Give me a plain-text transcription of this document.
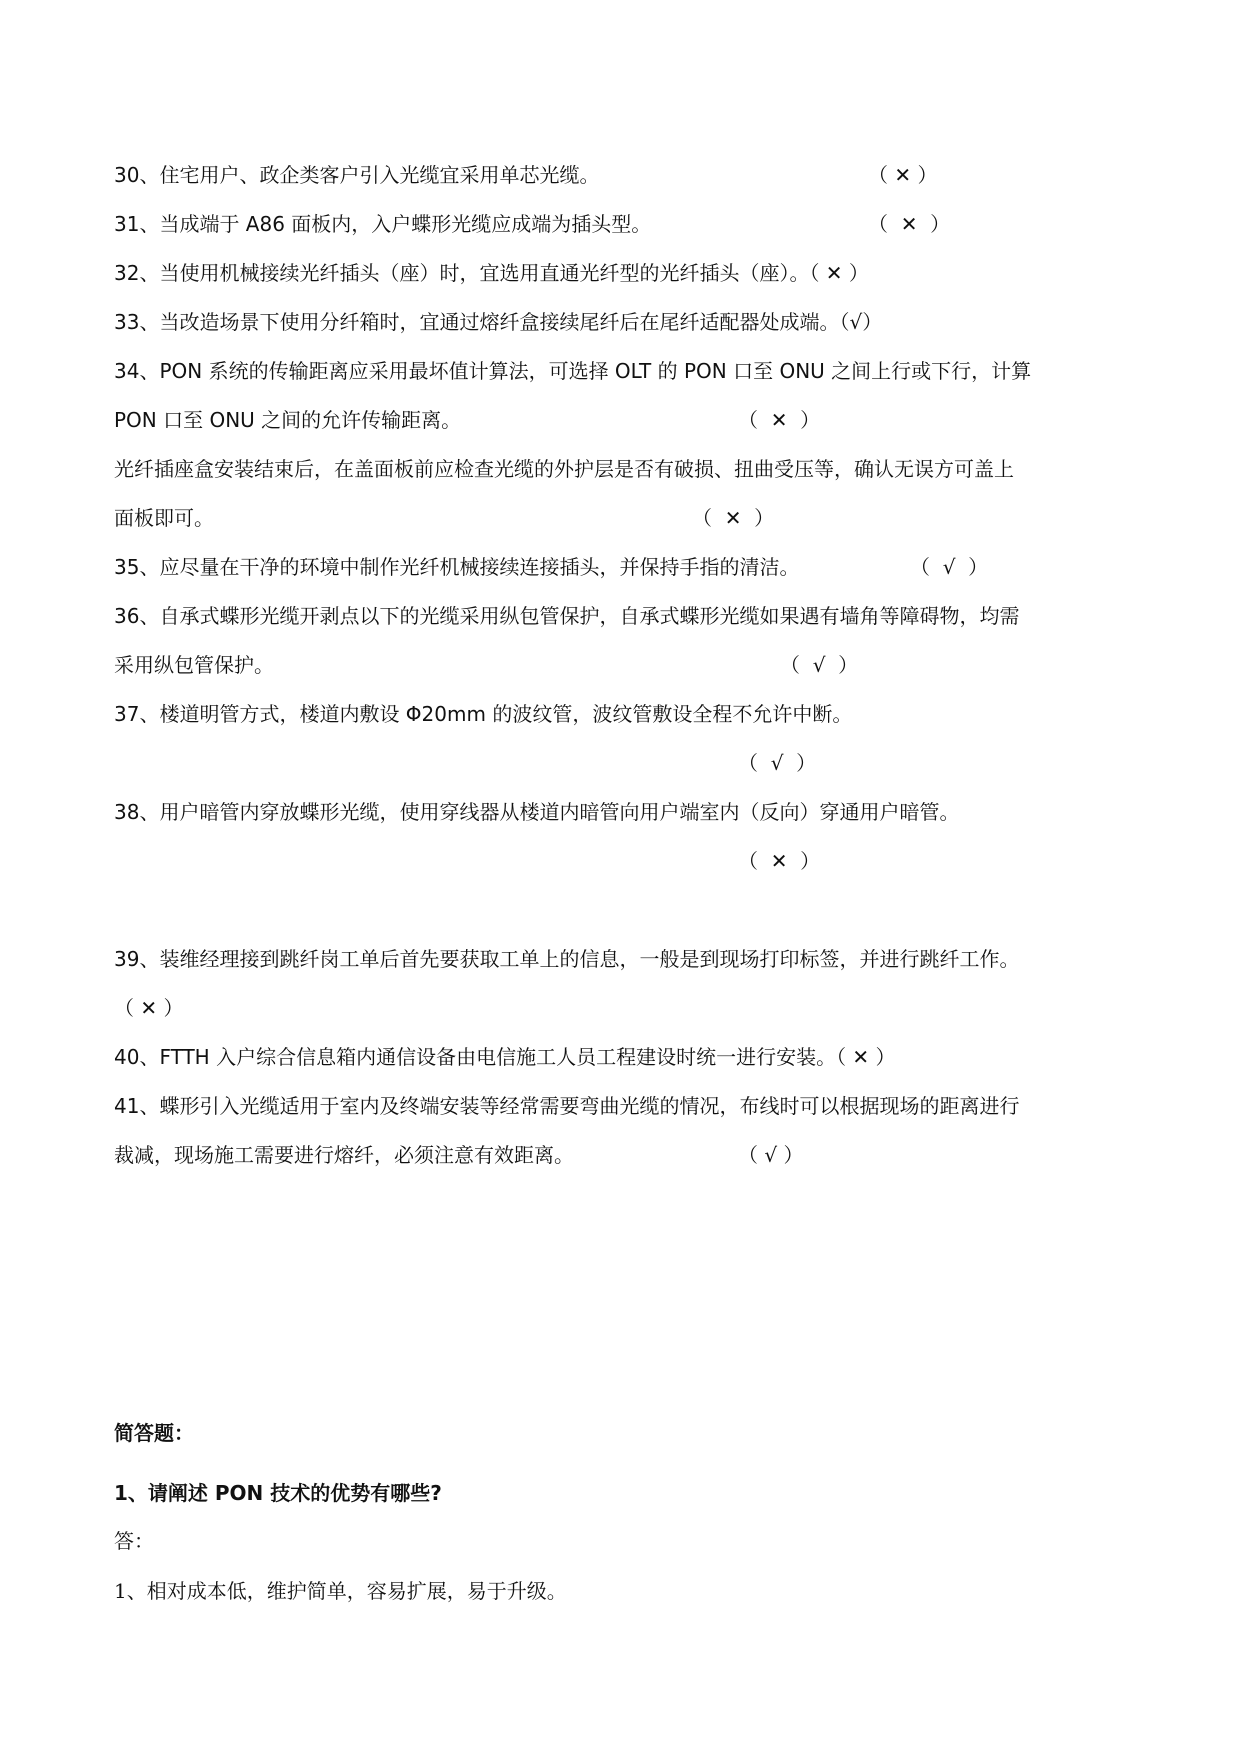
30、住宅用户、政企类客户引入光缆宜采用单芯光缆。	（ ✕ ）
31、当成端于 A86 面板内，入户蝶形光缆应成端为插头型。	（  ✕  ）
32、当使用机械接续光纤插头（座）时，宜选用直通光纤型的光纤插头（座）。（ ✕ ）
33、当改造场景下使用分纤箱时，宜通过熔纤盒接续尾纤后在尾纤适配器处成端。（√）
34、PON 系统的传输距离应采用最坏值计算法，可选择 OLT 的 PON 口至 ONU 之间上行或下行，计算
PON 口至 ONU 之间的允许传输距离。	（  ✕  ）
光纤插座盒安装结束后，在盖面板前应检查光缆的外护层是否有破损、扭曲受压等，确认无误方可盖上
面板即可。	（  ✕  ）
35、应尽量在干净的环境中制作光纤机械接续连接插头，并保持手指的清洁。	（  √  ）
36、自承式蝶形光缆开剥点以下的光缆采用纵包管保护，自承式蝶形光缆如果遇有墙角等障碍物，均需
采用纵包管保护。	（  √  ）
37、楼道明管方式，楼道内敷设 Φ20mm 的波纹管，波纹管敷设全程不允许中断。
（  √  ）
38、用户暗管内穿放蝶形光缆，使用穿线器从楼道内暗管向用户端室内（反向）穿通用户暗管。
（  ✕  ）
39、装维经理接到跳纤岗工单后首先要获取工单上的信息，一般是到现场打印标签，并进行跳纤工作。
（ ✕ ）
40、FTTH 入户综合信息箱内通信设备由电信施工人员工程建设时统一进行安装。（ ✕ ）
41、蝶形引入光缆适用于室内及终端安装等经常需要弯曲光缆的情况，布线时可以根据现场的距离进行
裁减，现场施工需要进行熔纤，必须注意有效距离。	（ √ ）
简答题：
1、请阐述 PON 技术的优势有哪些?
答：
1、相对成本低，维护简单，容易扩展，易于升级。
